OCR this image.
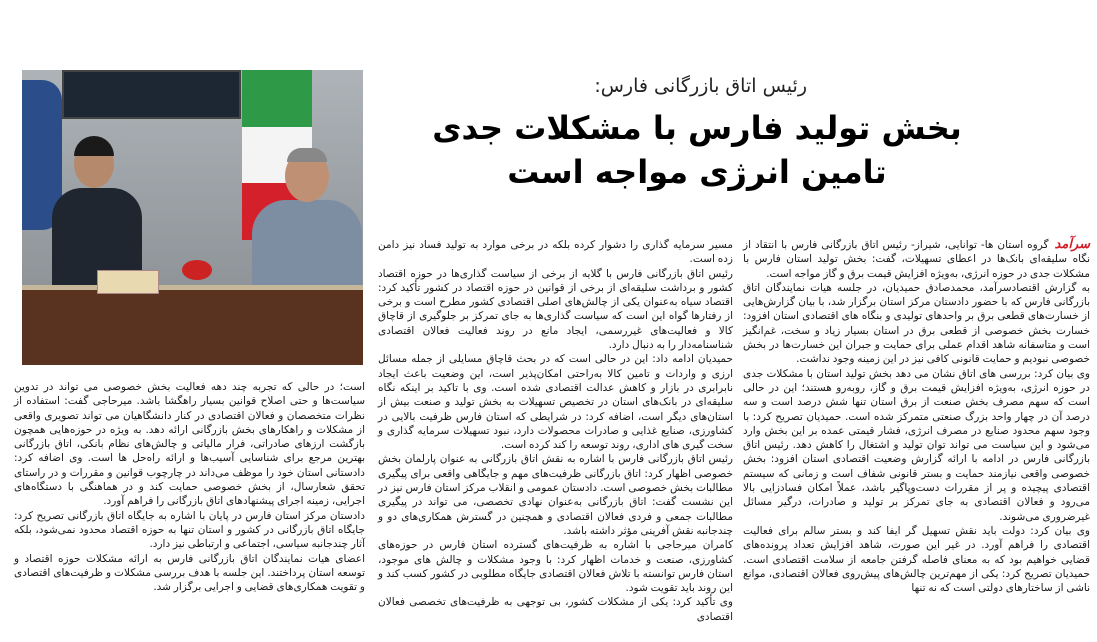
رئیس اتاق بازرگانی فارس:
بخش تولید فارس با مشکلات جدی
تامین انرژی مواجه است

سرآمد
گروه استان ها- توانایی، شیراز- رئیس اتاق بازرگانی فارس با انتقاد از نگاه سلیقه‌ای بانک‌ها در اعطای تسهیلات، گفت: بخش تولید استان فارس با مشکلات جدی در حوزه انرژی، به‌ویژه افزایش قیمت برق و گاز مواجه است.

به گزارش اقتصادسرآمد، محمدصادق حمیدیان، در جلسه هیات نمایندگان اتاق بازرگانی فارس که با حضور دادستان مرکز استان برگزار شد، با بیان گزارش‌هایی از خسارت‌های قطعی برق بر واحدهای تولیدی و بنگاه های اقتصادی استان افزود: خسارت بخش خصوصی از قطعی برق در استان بسیار زیاد و سخت، غم‌انگیز است و متاسفانه شاهد اقدام عملی برای حمایت و جبران این خسارت‌ها در بخش خصوصی نبودیم و حمایت قانونی کافی نیز در این زمینه وجود نداشت.

وی بیان کرد: بررسی های اتاق نشان می دهد بخش تولید استان با مشکلات جدی در حوزه انرژی، به‌ویژه افزایش قیمت برق و گاز، روبه‌رو هستند؛ این در حالی است که سهم مصرف بخش صنعت از برق استان تنها شش درصد است و سه درصد آن در چهار واحد بزرگ صنعتی متمرکز شده است. حمیدیان تصریح کرد: با وجود سهم محدود صنایع در مصرف انرژی، فشار قیمتی عمده بر این بخش وارد می‌شود و این سیاست می تواند توان تولید و اشتغال را کاهش دهد. رئیس اتاق بازرگانی فارس در ادامه با ارائه گزارش وضعیت اقتصادی استان افزود: بخش خصوصی واقعی نیازمند حمایت و بستر قانونی شفاف است و زمانی که سیستم اقتصادی پیچیده و پر از مقررات دست‌وپاگیر باشد، عملاً امکان فسادزایی بالا می‌رود و فعالان اقتصادی به جای تمرکز بر تولید و صادرات، درگیر مسائل غیرضروری می‌شوند.

وی بیان کرد: دولت باید نقش تسهیل گر ایفا کند و بستر سالم برای فعالیت اقتصادی را فراهم آورد. در غیر این صورت، شاهد افزایش تعداد پرونده‌های قضایی خواهیم بود که به معنای فاصله گرفتن جامعه از سلامت اقتصادی است. حمیدیان تصریح کرد: یکی از مهم‌ترین چالش‌های پیش‌روی فعالان اقتصادی، موانع ناشی از ساختارهای دولتی است که نه تنها

مسیر سرمایه گذاری را دشوار کرده بلکه در برخی موارد به تولید فساد نیز دامن زده است.

رئیس اتاق بازرگانی فارس با گلایه از برخی از سیاست گذاری‌ها در حوزه اقتصاد کشور و برداشت سلیقه‌ای از برخی از قوانین در حوزه اقتصاد در کشور تأکید کرد: اقتصاد سیاه به‌عنوان یکی از چالش‌های اصلی اقتصادی کشور مطرح است و برخی از رفتارها گواه این است که سیاست گذاری‌ها به جای تمرکز بر جلوگیری از قاچاق کالا و فعالیت‌های غیررسمی، ایجاد مانع در روند فعالیت فعالان اقتصادی شناسنامه‌دار را به دنبال دارد.

حمیدیان ادامه داد: این در حالی است که در بحث قاچاق مسایلی از جمله مسائل ارزی و واردات و تامین کالا به‌راحتی امکان‌پذیر است، این وضعیت باعث ایجاد نابرابری در بازار و کاهش عدالت اقتصادی شده است. وی با تاکید بر اینکه نگاه سلیقه‌ای در بانک‌های استان در تخصیص تسهیلات به بخش تولید و صنعت بیش از استان‌های دیگر است، اضافه کرد: در شرایطی که استان فارس ظرفیت بالایی در کشاورزی، صنایع غذایی و صادرات محصولات دارد، نبود تسهیلات سرمایه گذاری و سخت گیری های اداری، روند توسعه را کند کرده است.

رئیس اتاق بازرگانی فارس با اشاره به نقش اتاق بازرگانی به عنوان پارلمان بخش خصوصی اظهار کرد: اتاق بازرگانی ظرفیت‌های مهم و جایگاهی واقعی برای پیگیری مطالبات بخش خصوصی است. دادستان عمومی و انقلاب مرکز استان فارس نیز در این نشست گفت: اتاق بازرگانی به‌عنوان نهادی تخصصی، می تواند در پیگیری مطالبات جمعی و فردی فعالان اقتصادی و همچنین در گسترش همکاری‌های دو و چندجانبه نقش آفرینی مؤثر داشته باشد.

کامران میرحاجی با اشاره به ظرفیت‌های گسترده استان فارس در حوزه‌های کشاورزی، صنعت و خدمات اظهار کرد: با وجود مشکلات و چالش های موجود، استان فارس توانسته با تلاش فعالان اقتصادی جایگاه مطلوبی در کشور کسب کند و این روند باید تقویت شود.

وی تأکید کرد: یکی از مشکلات کشور، بی توجهی به ظرفیت‌های تخصصی فعالان اقتصادی

است؛ در حالی که تجربه چند دهه فعالیت بخش خصوصی می تواند در تدوین سیاست‌ها و حتی اصلاح قوانین بسیار راهگشا باشد. میرحاجی گفت: استفاده از نظرات متخصصان و فعالان اقتصادی در کنار دانشگاهیان می تواند تصویری واقعی از مشکلات و راهکارهای بخش بازرگانی ارائه دهد. به ویژه در حوزه‌هایی همچون بازگشت ارزهای صادراتی، فرار مالیاتی و چالش‌های نظام بانکی، اتاق بازرگانی بهترین مرجع برای شناسایی آسیب‌ها و ارائه راه‌حل ها است. وی اضافه کرد: دادستانی استان خود را موظف می‌داند در چارچوب قوانین و مقررات و در راستای تحقق شعارسال، از بخش خصوصی حمایت کند و در هماهنگی با دستگاه‌های اجرایی، زمینه اجرای پیشنهادهای اتاق بازرگانی را فراهم آورد.

دادستان مرکز استان فارس در پایان با اشاره به جایگاه اتاق بازرگانی تصریح کرد: جایگاه اتاق بازرگانی در کشور و استان تنها به حوزه اقتصاد محدود نمی‌شود، بلکه آثار چندجانبه سیاسی، اجتماعی و ارتباطی نیز دارد.

اعضای هیات نمایندگان اتاق بازرگانی فارس به ارائه مشکلات حوزه اقتصاد و توسعه استان پرداختند. این جلسه با هدف بررسی مشکلات و ظرفیت‌های اقتصادی و تقویت همکاری‌های قضایی و اجرایی برگزار شد.
